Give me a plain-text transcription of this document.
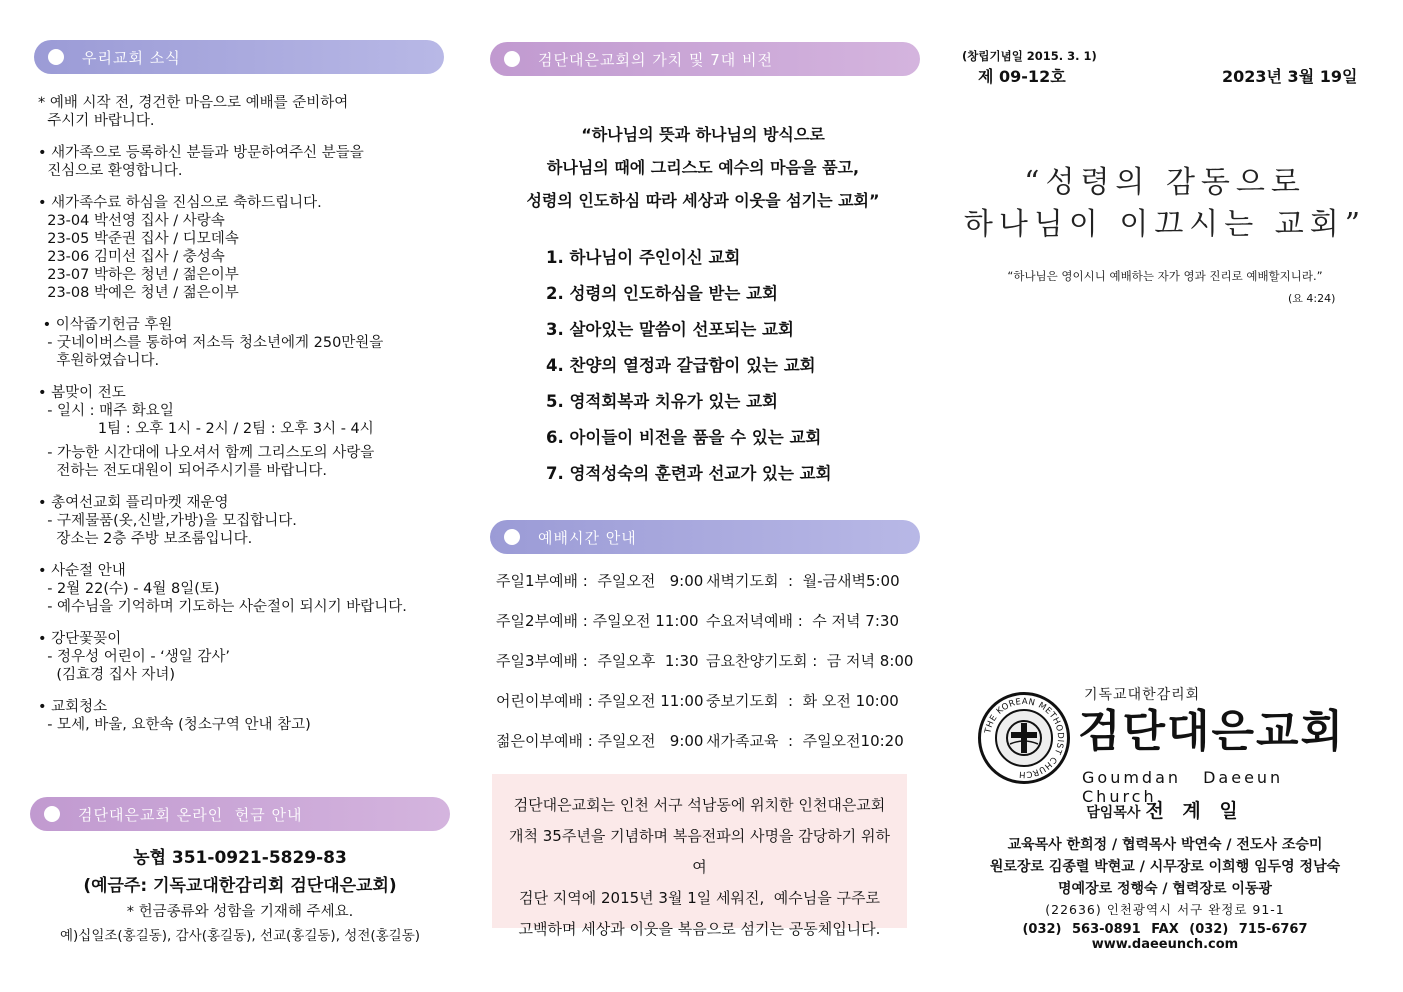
우리교회 소식
* 예배 시작 전, 경건한 마음으로 예배를 준비하여
주시기 바랍니다.
• 새가족으로 등록하신 분들과 방문하여주신 분들을
진심으로 환영합니다.
• 새가족수료 하심을 진심으로 축하드립니다.
23-04 박선영 집사 / 사랑속
23-05 박준권 집사 / 디모데속
23-06 김미선 집사 / 충성속
23-07 박하은 청년 / 젊은이부
23-08 박예은 청년 / 젊은이부
• 이삭줍기헌금 후원
- 굿네이버스를 통하여 저소득 청소년에게 250만원을
후원하였습니다.
• 봄맞이 전도
- 일시 : 매주 화요일
1팀 : 오후 1시 - 2시 / 2팀 : 오후 3시 - 4시
- 가능한 시간대에 나오셔서 함께 그리스도의 사랑을
전하는 전도대원이 되어주시기를 바랍니다.
• 총여선교회 플리마켓 재운영
- 구제물품(옷,신발,가방)을 모집합니다.
장소는 2층 주방 보조룸입니다.
• 사순절 안내
- 2월 22(수) - 4월 8일(토)
- 예수님을 기억하며 기도하는 사순절이 되시기 바랍니다.
• 강단꽃꽂이
- 정우성 어린이 - ‘생일 감사’
(김효경 집사 자녀)
• 교회청소
- 모세, 바울, 요한속 (청소구역 안내 참고)
검단대은교회 온라인  헌금 안내
농협 351-0921-5829-83
(예금주: 기독교대한감리회 검단대은교회)
* 헌금종류와 성함을 기재해 주세요.
예)십일조(홍길동), 감사(홍길동), 선교(홍길동), 성전(홍길동)
검단대은교회의 가치 및 7대 비전
“하나님의 뜻과 하나님의 방식으로
하나님의 때에 그리스도 예수의 마음을 품고,
성령의 인도하심 따라 세상과 이웃을 섬기는 교회”
1. 하나님이 주인이신 교회
2. 성령의 인도하심을 받는 교회
3. 살아있는 말씀이 선포되는 교회
4. 찬양의 열정과 갈급함이 있는 교회
5. 영적회복과 치유가 있는 교회
6. 아이들이 비전을 품을 수 있는 교회
7. 영적성숙의 훈련과 선교가 있는 교회
예배시간 안내
주일1부예배 :  주일오전   9:00 새벽기도회  :  월-금새벽5:00
주일2부예배 : 주일오전 11:00 수요저녁예배 :  수 저녁 7:30
주일3부예배 :  주일오후  1:30 금요찬양기도회 :  금 저녁 8:00
어린이부예배 : 주일오전 11:00 중보기도회  :  화 오전 10:00
젊은이부예배 : 주일오전   9:00 새가족교육  :  주일오전10:20
검단대은교회는 인천 서구 석남동에 위치한 인천대은교회
개척 35주년을 기념하며 복음전파의 사명을 감당하기 위하여
검단 지역에 2015년 3월 1일 세워진,  예수님을 구주로
고백하며 세상과 이웃을 복음으로 섬기는 공동체입니다.
(창립기념일 2015. 3. 1)
제 09-12호	2023년 3월 19일
“성령의 감동으로
하나님이 이끄시는 교회”
“하나님은 영이시니 예배하는 자가 영과 진리로 예배할지니라.”
(요 4:24)
THE KOREAN METHODIST CHURCH
기독교대한감리회
검단대은교회
Goumdan Daeeun Church
담임목사 전 계 일
교육목사 한희정 / 협력목사 박연숙 / 전도사 조승미
원로장로 김종렬 박현교 / 시무장로 이희행 임두영 정남숙
명예장로 정행숙 / 협력장로 이동광
(22636) 인천광역시 서구 완정로 91-1
(032) 563-0891 FAX (032) 715-6767 www.daeeunch.com
